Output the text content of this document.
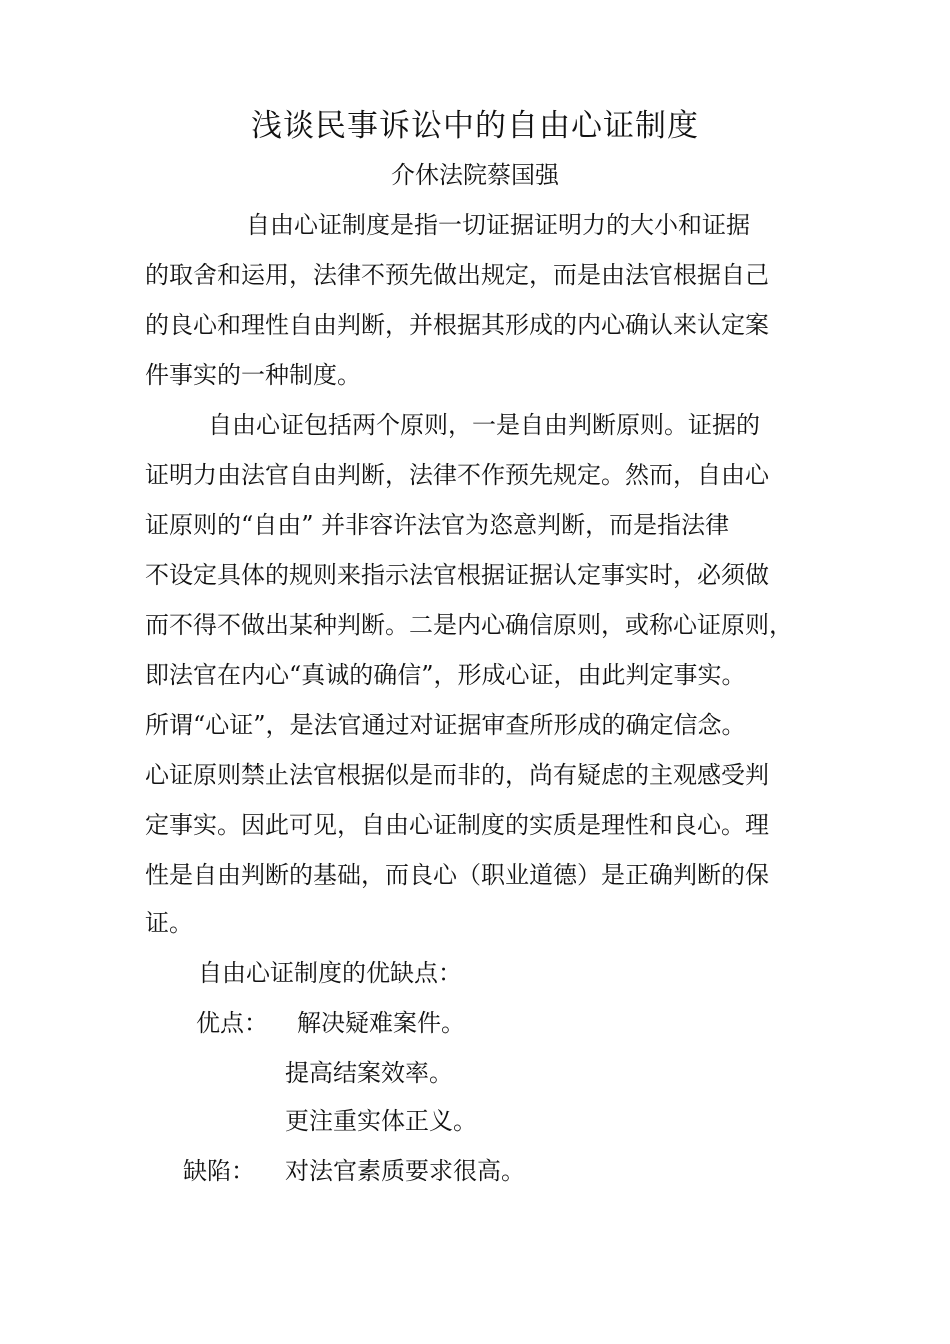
浅谈民事诉讼中的自由心证制度
介休法院蔡国强
自由心证制度是指一切证据证明力的大小和证据
的取舍和运用，法律不预先做出规定，而是由法官根据自己
的良心和理性自由判断，并根据其形成的内心确认来认定案
件事实的一种制度。
自由心证包括两个原则，一是自由判断原则。证据的
证明力由法官自由判断，法律不作预先规定。然而，自由心
证原则的“自由” 并非容许法官为恣意判断，而是指法律
不设定具体的规则来指示法官根据证据认定事实时，必须做
而不得不做出某种判断。二是内心确信原则，或称心证原则，
即法官在内心“真诚的确信”，形成心证，由此判定事实。
所谓“心证”，是法官通过对证据审查所形成的确定信念。
心证原则禁止法官根据似是而非的，尚有疑虑的主观感受判
定事实。因此可见，自由心证制度的实质是理性和良心。理
性是自由判断的基础，而良心（职业道德）是正确判断的保
证。
自由心证制度的优缺点：
优点： 解决疑难案件。
提高结案效率。
更注重实体正义。
缺陷： 对法官素质要求很高。
